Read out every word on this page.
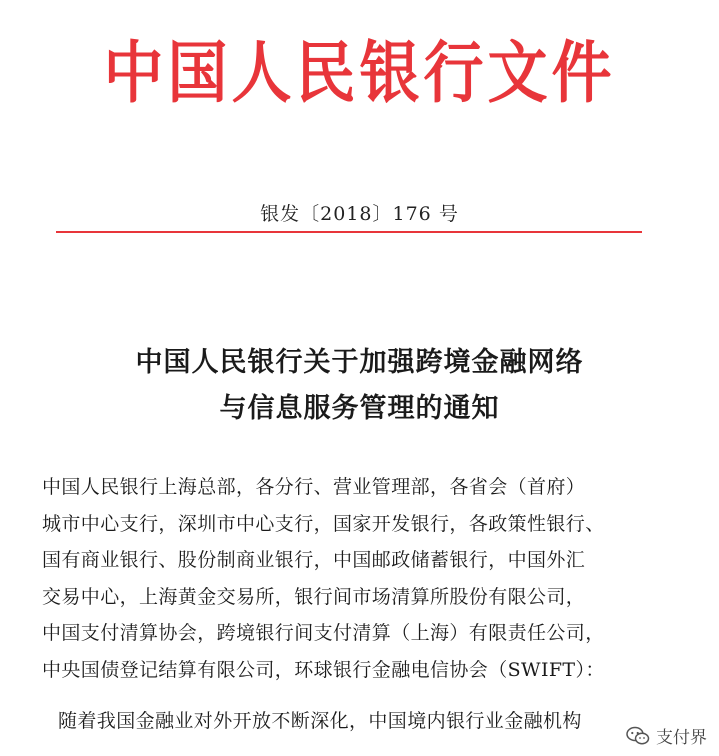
中国人民银行文件
银发〔2018〕176 号
中国人民银行关于加强跨境金融网络
与信息服务管理的通知
中国人民银行上海总部，各分行、营业管理部，各省会（首府）
城市中心支行，深圳市中心支行，国家开发银行，各政策性银行、
国有商业银行、股份制商业银行，中国邮政储蓄银行，中国外汇
交易中心，上海黄金交易所，银行间市场清算所股份有限公司，
中国支付清算协会，跨境银行间支付清算（上海）有限责任公司，
中央国债登记结算有限公司，环球银行金融电信协会（SWIFT）：
随着我国金融业对外开放不断深化，中国境内银行业金融机构
支付界
